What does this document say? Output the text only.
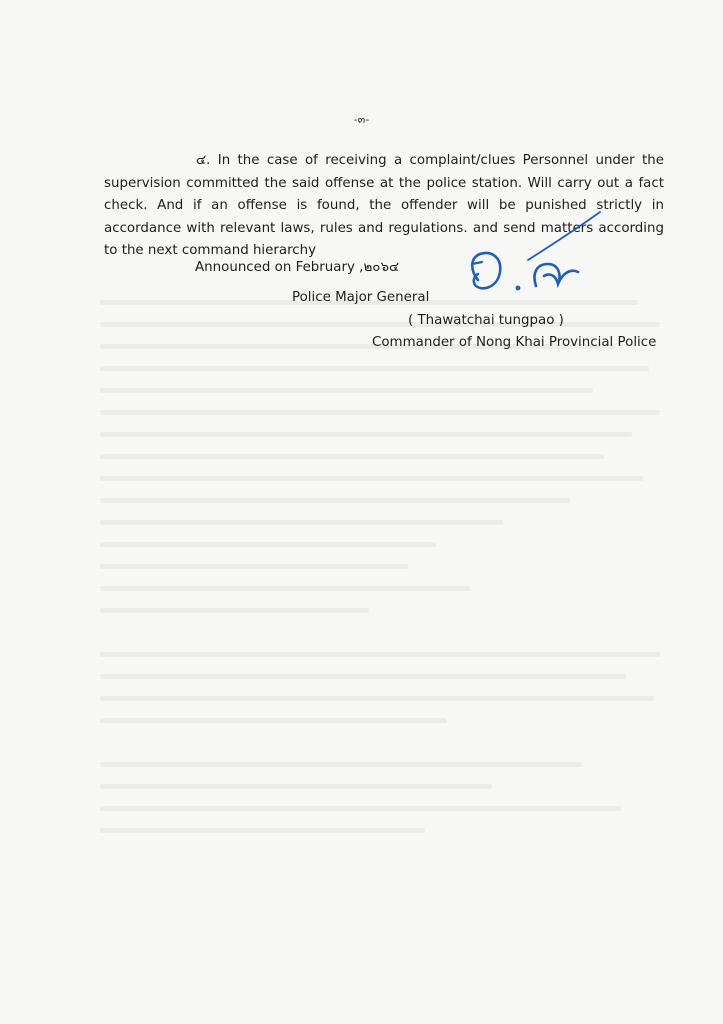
-๓-

๔. In the case of receiving a complaint/clues Personnel under the supervision committed the said offense at the police station. Will carry out a fact check. And if an offense is found, the offender will be punished strictly in accordance with relevant laws, rules and regulations. and send matters according to the next command hierarchy

Announced on February ,๒๐๖๔
Police Major General
( Thawatchai tungpao )
Commander of Nong Khai Provincial Police
